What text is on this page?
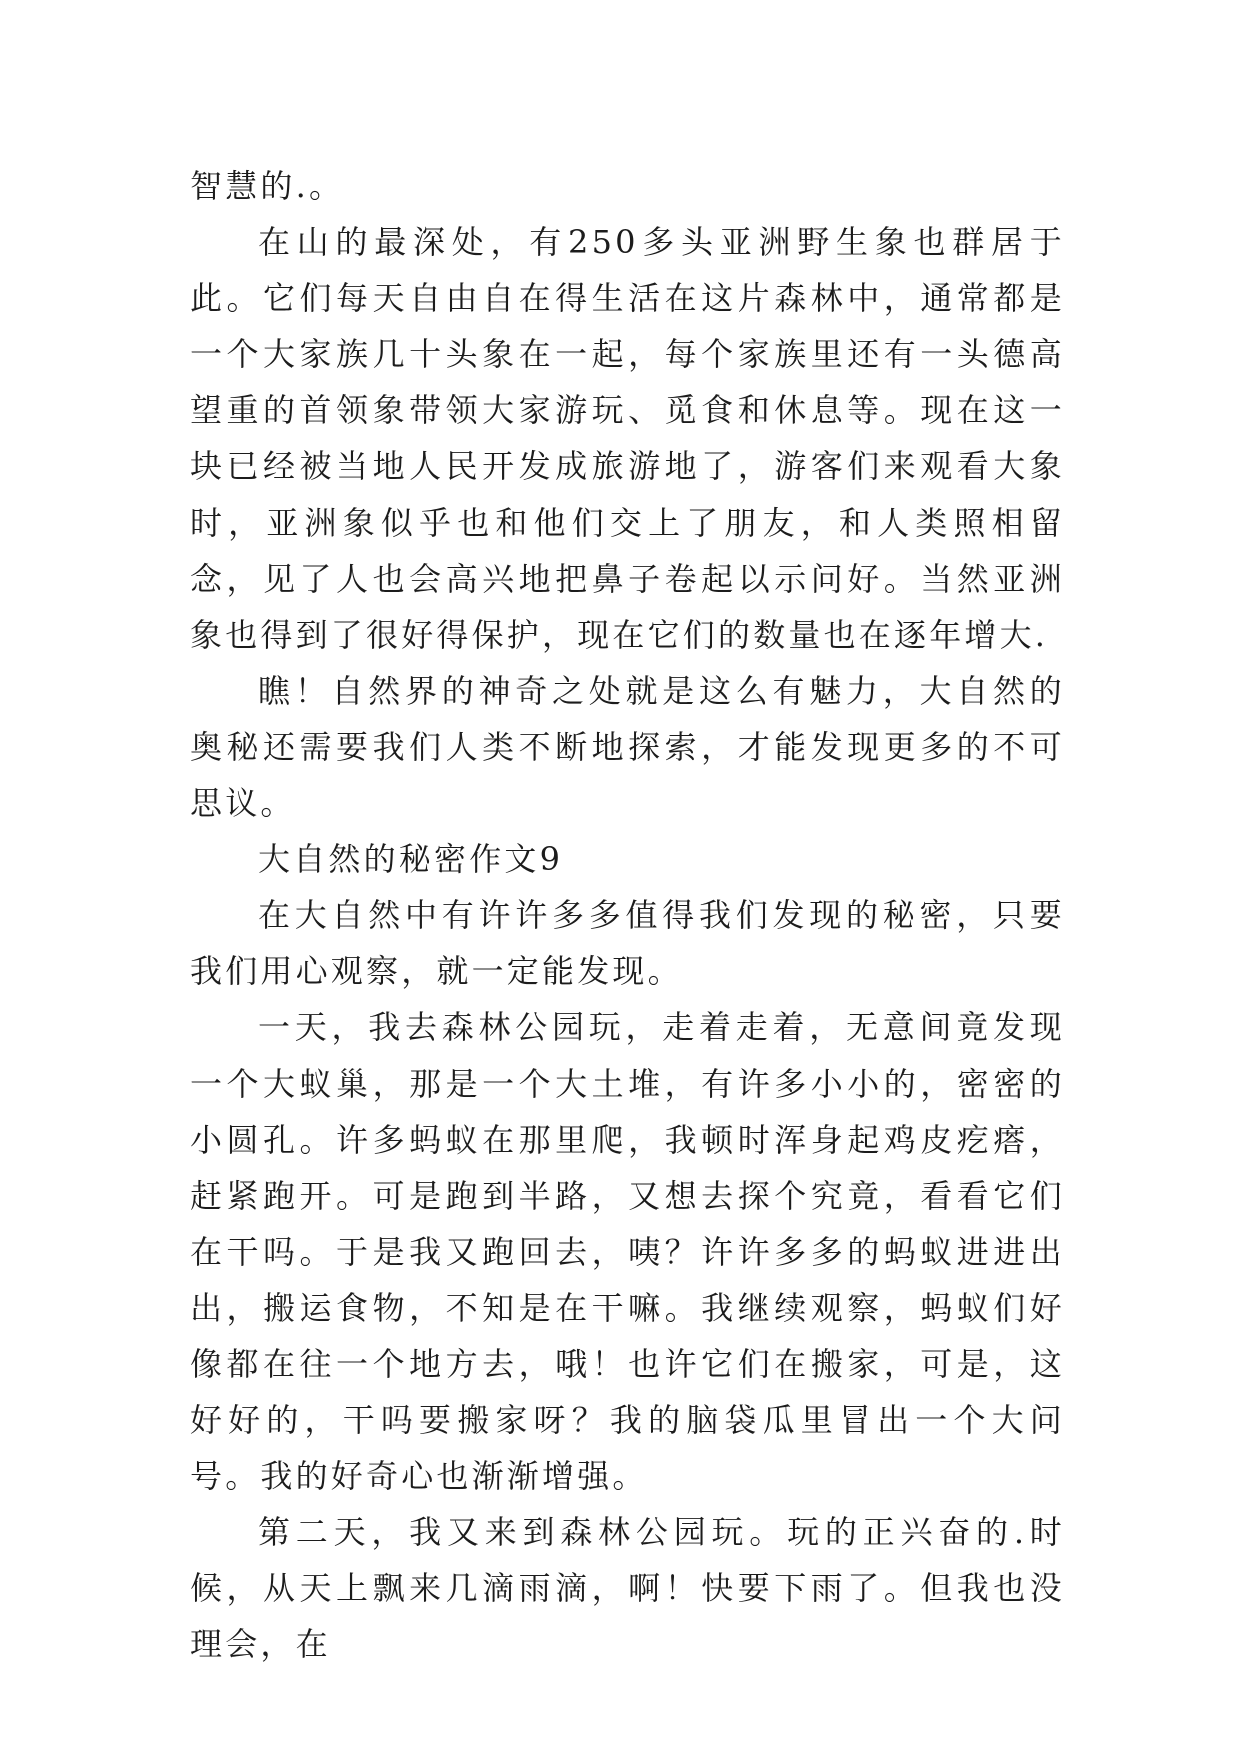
智慧的.。

在山的最深处，有250多头亚洲野生象也群居于此。它们每天自由自在得生活在这片森林中，通常都是一个大家族几十头象在一起，每个家族里还有一头德高望重的首领象带领大家游玩、觅食和休息等。现在这一块已经被当地人民开发成旅游地了，游客们来观看大象时，亚洲象似乎也和他们交上了朋友，和人类照相留念，见了人也会高兴地把鼻子卷起以示问好。当然亚洲象也得到了很好得保护，现在它们的数量也在逐年增大.

瞧！自然界的神奇之处就是这么有魅力，大自然的奥秘还需要我们人类不断地探索，才能发现更多的不可思议。

大自然的秘密作文9

在大自然中有许许多多值得我们发现的秘密，只要我们用心观察，就一定能发现。

一天，我去森林公园玩，走着走着，无意间竟发现一个大蚁巢，那是一个大土堆，有许多小小的，密密的小圆孔。许多蚂蚁在那里爬，我顿时浑身起鸡皮疙瘩，赶紧跑开。可是跑到半路，又想去探个究竟，看看它们在干吗。于是我又跑回去，咦？许许多多的蚂蚁进进出出，搬运食物，不知是在干嘛。我继续观察，蚂蚁们好像都在往一个地方去，哦！也许它们在搬家，可是，这好好的，干吗要搬家呀？我的脑袋瓜里冒出一个大问号。我的好奇心也渐渐增强。

第二天，我又来到森林公园玩。玩的正兴奋的.时候，从天上飘来几滴雨滴，啊！快要下雨了。但我也没理会，在
